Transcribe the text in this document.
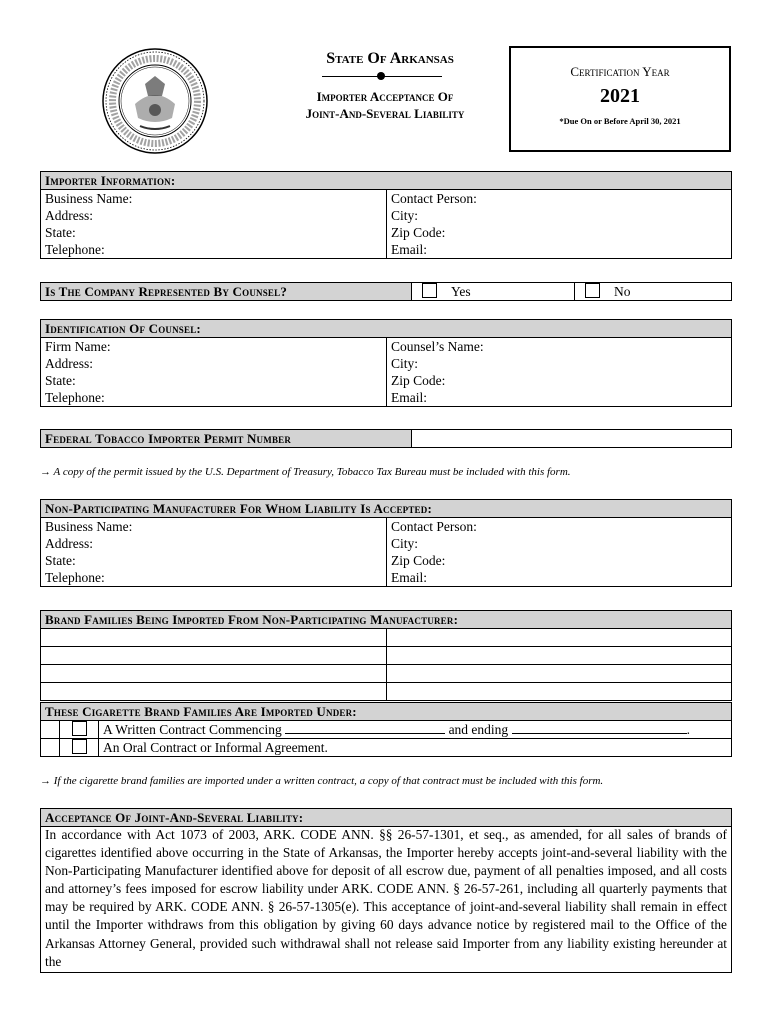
State Of Arkansas
Importer Acceptance Of
Joint-And-Several Liability
Certification Year
2021
*Due On or Before April 30, 2021
Importer Information:	
Business Name:	Contact Person:
Address:	City:
State:	Zip Code:
Telephone:	Email:
Is The Company Represented By Counsel?	Yes	No
Identification Of Counsel:	
Firm Name:	Counsel’s Name:
Address:	City:
State:	Zip Code:
Telephone:	Email:
Federal Tobacco Importer Permit Number	
→ A copy of the permit issued by the U.S. Department of Treasury, Tobacco Tax Bureau must be included with this form.
Non-Participating Manufacturer For Whom Liability Is Accepted:	
Business Name:	Contact Person:
Address:	City:
State:	Zip Code:
Telephone:	Email:
Brand Families Being Imported From Non-Participating Manufacturer:	

These Cigarette Brand Families Are Imported Under:		
		A Written Contract Commencing and ending .
		An Oral Contract or Informal Agreement.
→ If the cigarette brand families are imported under a written contract, a copy of that contract must be included with this form.
Acceptance Of Joint-And-Several Liability:
In accordance with Act 1073 of 2003, ARK. CODE ANN. §§ 26-57-1301, et seq., as amended, for all sales of brands of cigarettes identified above occurring in the State of Arkansas, the Importer hereby accepts joint-and-several liability with the Non-Participating Manufacturer identified above for deposit of all escrow due, payment of all penalties imposed, and all costs and attorney’s fees imposed for escrow liability under ARK. CODE ANN. § 26-57-261, including all quarterly payments that may be required by ARK. CODE ANN. § 26-57-1305(e). This acceptance of joint-and-several liability shall remain in effect until the Importer withdraws from this obligation by giving 60 days advance notice by registered mail to the Office of the Arkansas Attorney General, provided such withdrawal shall not release said Importer from any liability existing hereunder at the
